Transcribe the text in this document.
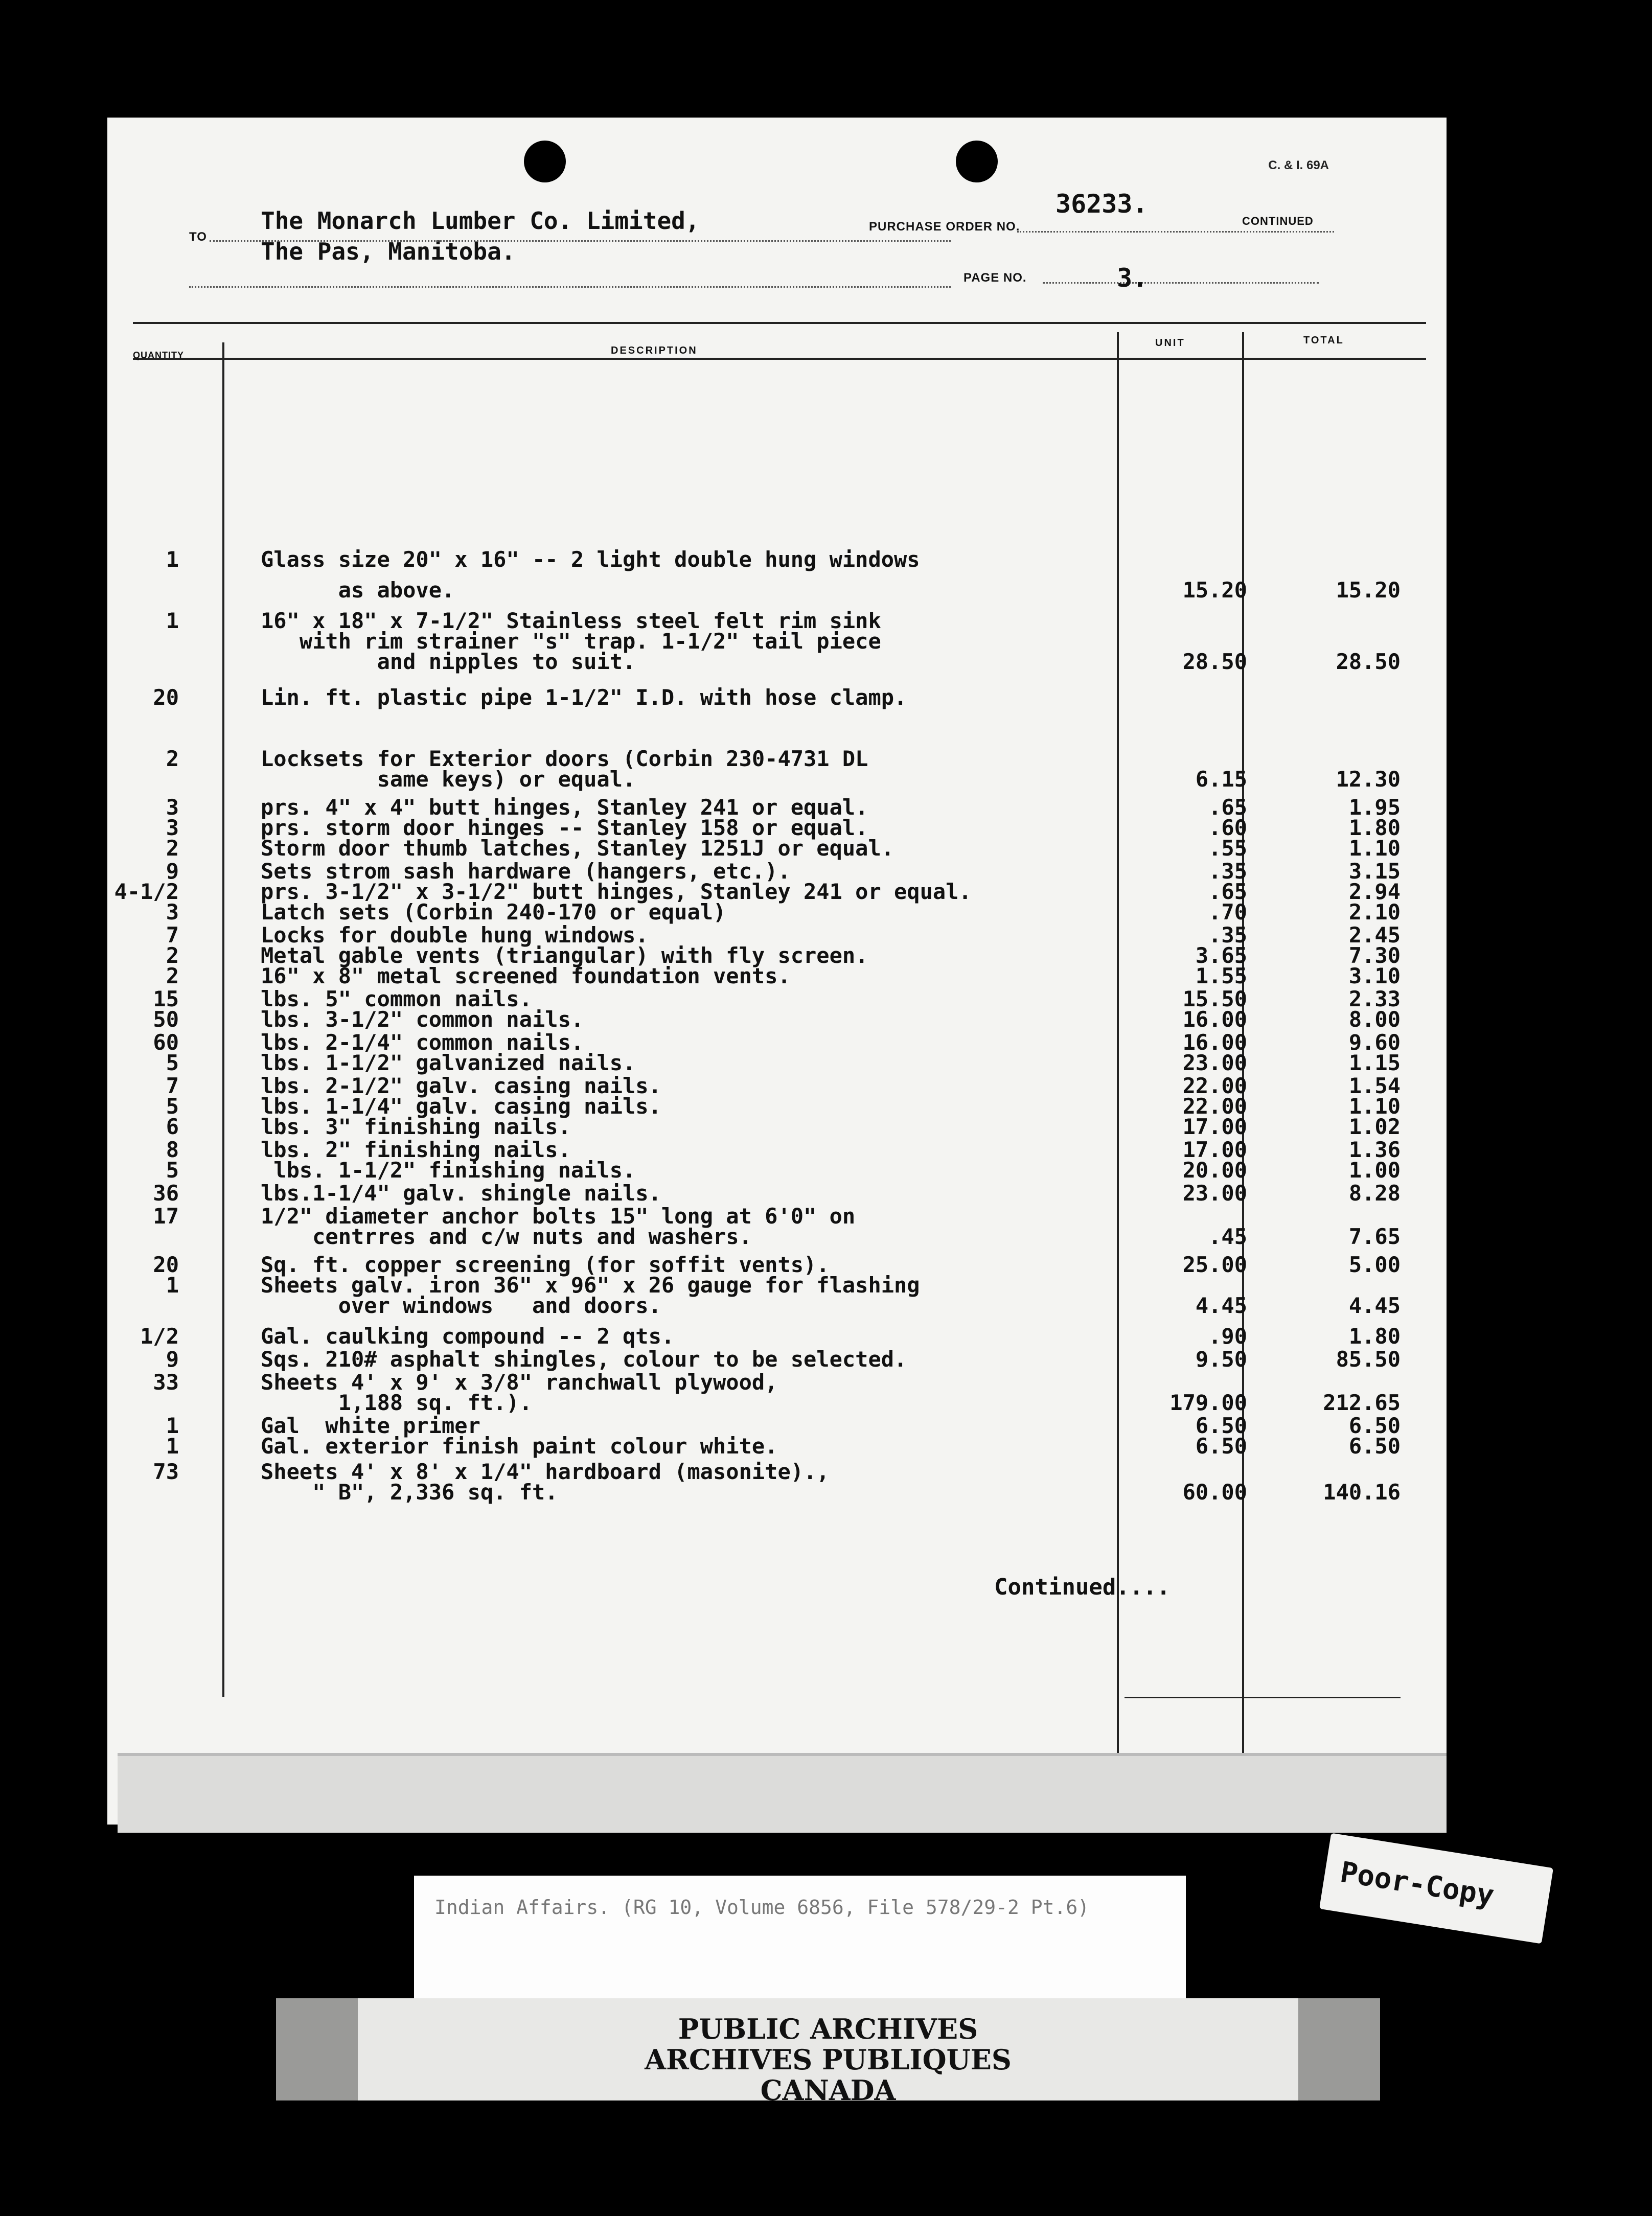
C. & I. 69A
TO
The Monarch Lumber Co. Limited,
The Pas, Manitoba.
PURCHASE ORDER NO.
36233.
CONTINUED
PAGE NO.	3.
QUANTITY	DESCRIPTION
UNIT	TOTAL
1	Glass size 20" x 16" -- 2 light double hung windows
as above.	15.20	15.20
1	16" x 18" x 7-1/2" Stainless steel felt rim sink
with rim strainer "s" trap. 1-1/2" tail piece
and nipples to suit.	28.50	28.50
20	Lin. ft. plastic pipe 1-1/2" I.D. with hose clamp.
2	Locksets for Exterior doors (Corbin 230-4731 DL
same keys) or equal.	6.15	12.30
3	prs. 4" x 4" butt hinges, Stanley 241 or equal.	.65	1.95
3	prs. storm door hinges -- Stanley 158 or equal.	.60	1.80
2	Storm door thumb latches, Stanley 1251J or equal.	.55	1.10
9	Sets strom sash hardware (hangers, etc.).	.35	3.15
4-1/2	prs. 3-1/2" x 3-1/2" butt hinges, Stanley 241 or equal.	.65	2.94
3	Latch sets (Corbin 240-170 or equal)	.70	2.10
7	Locks for double hung windows.	.35	2.45
2	Metal gable vents (triangular) with fly screen.	3.65	7.30
2	16" x 8" metal screened foundation vents.	1.55	3.10
15	lbs. 5" common nails.	15.50	2.33
50	lbs. 3-1/2" common nails.	16.00	8.00
60	lbs. 2-1/4" common nails.	16.00	9.60
5	lbs. 1-1/2" galvanized nails.	23.00	1.15
7	lbs. 2-1/2" galv. casing nails.	22.00	1.54
5	lbs. 1-1/4" galv. casing nails.	22.00	1.10
6	lbs. 3" finishing nails.	17.00	1.02
8	lbs. 2" finishing nails.	17.00	1.36
5	lbs. 1-1/2" finishing nails.	20.00	1.00
36	lbs.1-1/4" galv. shingle nails.	23.00	8.28
17	1/2" diameter anchor bolts 15" long at 6'0" on
centrres and c/w nuts and washers.	.45	7.65
20	Sq. ft. copper screening (for soffit vents).	25.00	5.00
1	Sheets galv. iron 36" x 96" x 26 gauge for flashing
over windows   and doors.	4.45	4.45
1/2	Gal. caulking compound -- 2 qts.	.90	1.80
9	Sqs. 210# asphalt shingles, colour to be selected.	9.50	85.50
33	Sheets 4' x 9' x 3/8" ranchwall plywood,
1,188 sq. ft.).	179.00	212.65
1	Gal  white primer	6.50	6.50
1	Gal. exterior finish paint colour white.	6.50	6.50
73	Sheets 4' x 8' x 1/4" hardboard (masonite).,
" B", 2,336 sq. ft.	60.00	140.16
Continued....
Indian Affairs. (RG 10, Volume 6856, File 578/29-2 Pt.6)
PUBLIC ARCHIVES
ARCHIVES PUBLIQUES
CANADA
Poor-Copy
